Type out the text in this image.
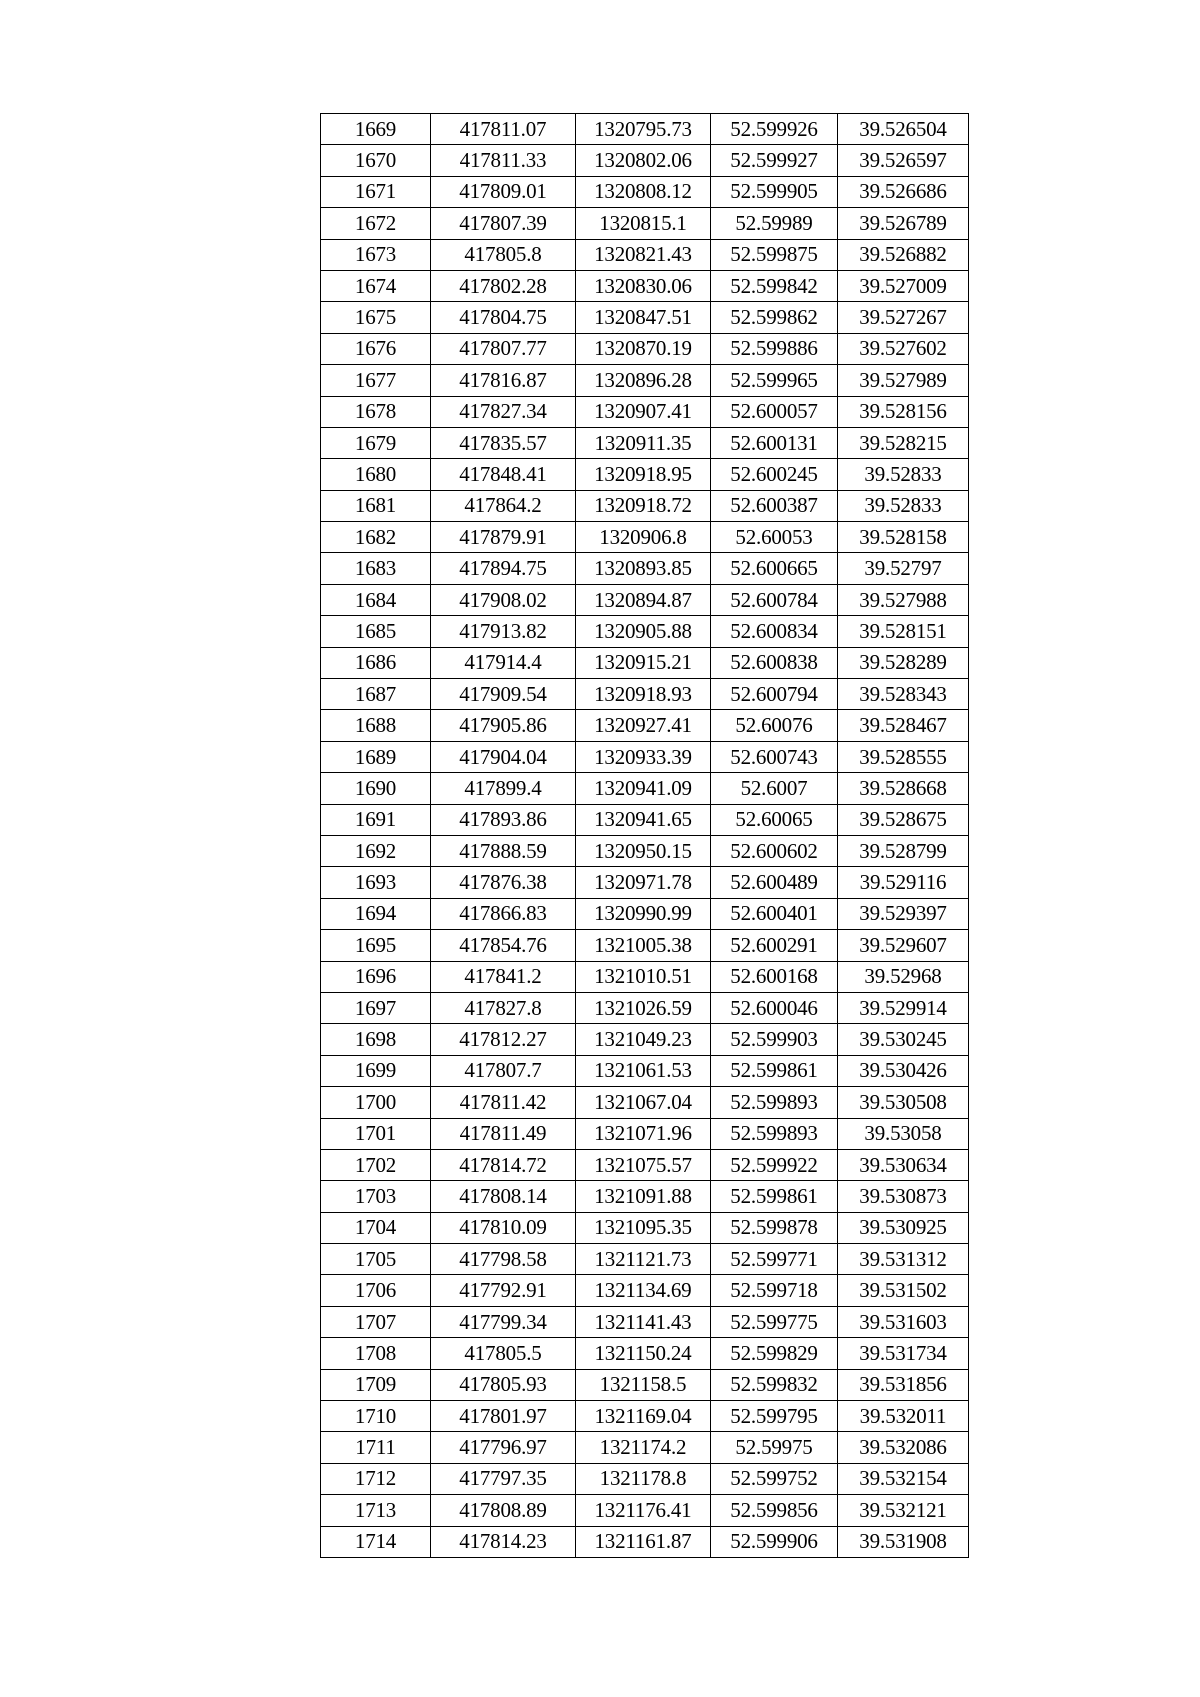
1669	417811.07	1320795.73	52.599926	39.526504
1670	417811.33	1320802.06	52.599927	39.526597
1671	417809.01	1320808.12	52.599905	39.526686
1672	417807.39	1320815.1	52.59989	39.526789
1673	417805.8	1320821.43	52.599875	39.526882
1674	417802.28	1320830.06	52.599842	39.527009
1675	417804.75	1320847.51	52.599862	39.527267
1676	417807.77	1320870.19	52.599886	39.527602
1677	417816.87	1320896.28	52.599965	39.527989
1678	417827.34	1320907.41	52.600057	39.528156
1679	417835.57	1320911.35	52.600131	39.528215
1680	417848.41	1320918.95	52.600245	39.52833
1681	417864.2	1320918.72	52.600387	39.52833
1682	417879.91	1320906.8	52.60053	39.528158
1683	417894.75	1320893.85	52.600665	39.52797
1684	417908.02	1320894.87	52.600784	39.527988
1685	417913.82	1320905.88	52.600834	39.528151
1686	417914.4	1320915.21	52.600838	39.528289
1687	417909.54	1320918.93	52.600794	39.528343
1688	417905.86	1320927.41	52.60076	39.528467
1689	417904.04	1320933.39	52.600743	39.528555
1690	417899.4	1320941.09	52.6007	39.528668
1691	417893.86	1320941.65	52.60065	39.528675
1692	417888.59	1320950.15	52.600602	39.528799
1693	417876.38	1320971.78	52.600489	39.529116
1694	417866.83	1320990.99	52.600401	39.529397
1695	417854.76	1321005.38	52.600291	39.529607
1696	417841.2	1321010.51	52.600168	39.52968
1697	417827.8	1321026.59	52.600046	39.529914
1698	417812.27	1321049.23	52.599903	39.530245
1699	417807.7	1321061.53	52.599861	39.530426
1700	417811.42	1321067.04	52.599893	39.530508
1701	417811.49	1321071.96	52.599893	39.53058
1702	417814.72	1321075.57	52.599922	39.530634
1703	417808.14	1321091.88	52.599861	39.530873
1704	417810.09	1321095.35	52.599878	39.530925
1705	417798.58	1321121.73	52.599771	39.531312
1706	417792.91	1321134.69	52.599718	39.531502
1707	417799.34	1321141.43	52.599775	39.531603
1708	417805.5	1321150.24	52.599829	39.531734
1709	417805.93	1321158.5	52.599832	39.531856
1710	417801.97	1321169.04	52.599795	39.532011
1711	417796.97	1321174.2	52.59975	39.532086
1712	417797.35	1321178.8	52.599752	39.532154
1713	417808.89	1321176.41	52.599856	39.532121
1714	417814.23	1321161.87	52.599906	39.531908
